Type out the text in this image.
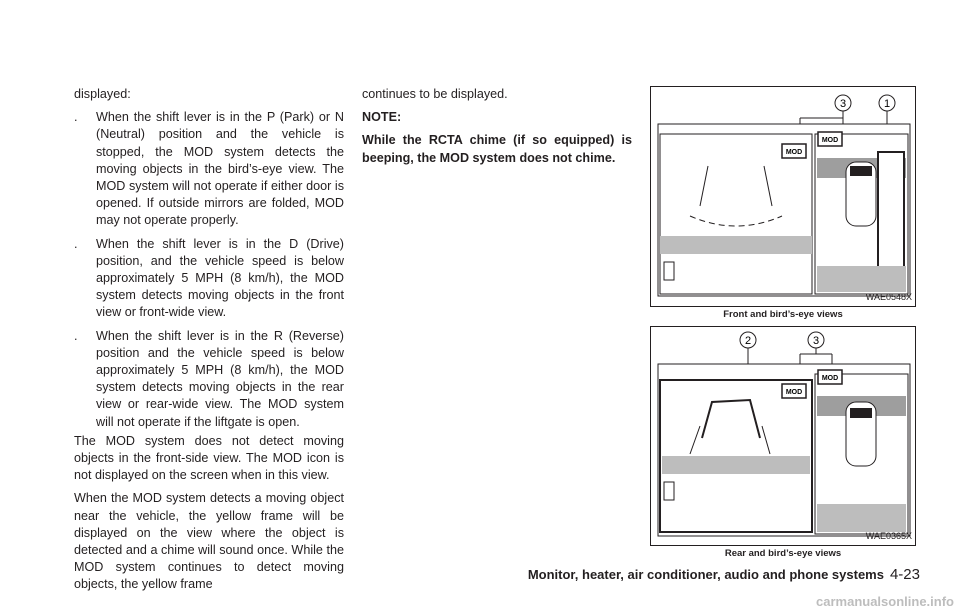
displayed:

. When the shift lever is in the P (Park) or N (Neutral) position and the vehicle is stopped, the MOD system detects the moving objects in the bird’s-eye view. The MOD system will not operate if either door is opened. If outside mirrors are folded, MOD may not operate properly.
. When the shift lever is in the D (Drive) position, and the vehicle speed is below approximately 5 MPH (8 km/h), the MOD system detects moving objects in the front view or front-wide view.
. When the shift lever is in the R (Reverse) position and the vehicle speed is below approximately 5 MPH (8 km/h), the MOD system detects moving objects in the rear view or rear-wide view. The MOD system will not operate if the liftgate is open.

The MOD system does not detect moving objects in the front-side view. The MOD icon is not displayed on the screen when in this view.

When the MOD system detects a moving object near the vehicle, the yellow frame will be displayed on the view where the object is detected and a chime will sound once. While the MOD system continues to detect moving objects, the yellow frame

continues to be displayed.

NOTE:

While the RCTA chime (if so equipped) is beeping, the MOD system does not chime.

3	1
MOD
MOD
WAE0548X
Front and bird’s-eye views
2	3
MOD
MOD
WAE0365X
Rear and bird’s-eye views
Monitor, heater, air conditioner, audio and phone systems 4-23
carmanualsonline.info
